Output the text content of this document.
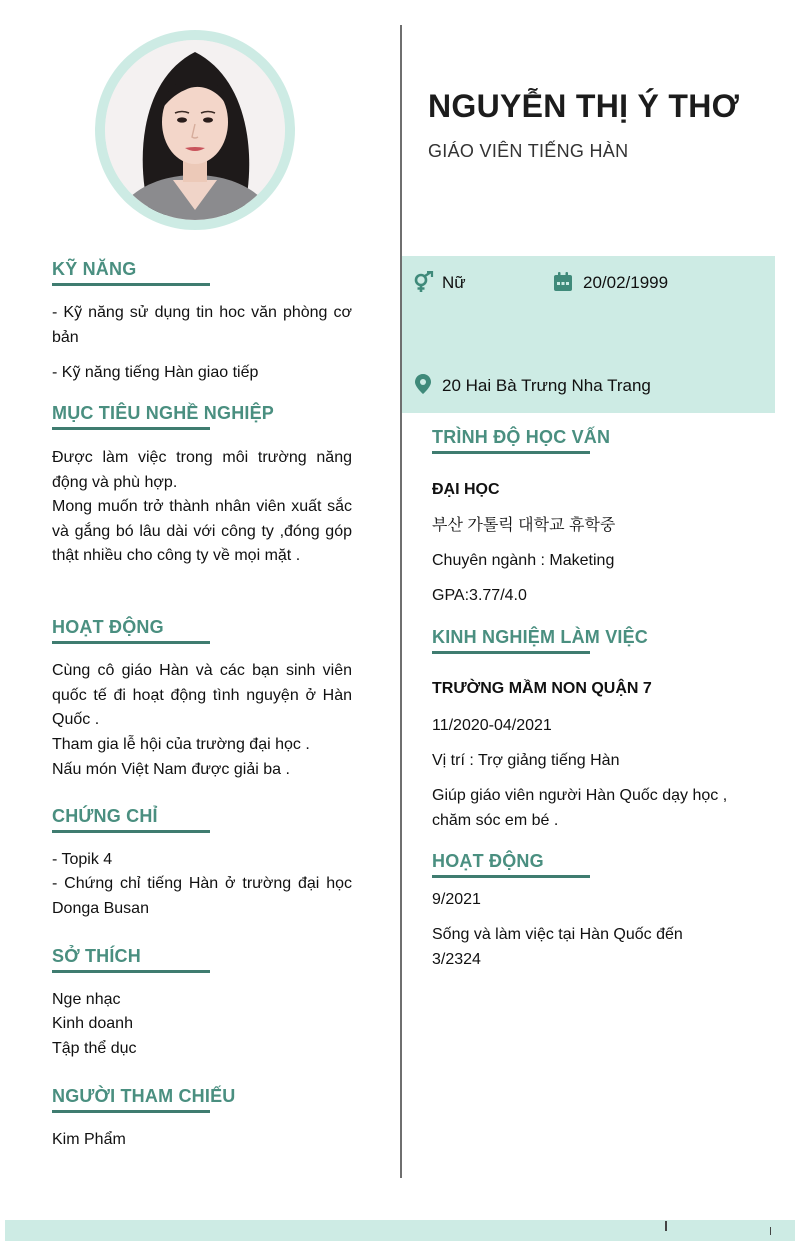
NGUYỄN THỊ Ý THƠ
GIÁO VIÊN TIẾNG HÀN
Nữ	20/02/1999
20 Hai Bà Trưng Nha Trang
KỸ NĂNG
- Kỹ năng sử dụng tin hoc văn phòng cơ bản
- Kỹ năng tiếng Hàn giao tiếp
MỤC TIÊU NGHỀ NGHIỆP
Được làm việc trong môi trường năng động và phù hợp.
Mong muốn trở thành nhân viên xuất sắc và gắng bó lâu dài với công ty ,đóng góp thật nhiều cho công ty về mọi mặt .
HOẠT ĐỘNG
Cùng cô giáo Hàn và các bạn sinh viên quốc tế đi hoạt động tình nguyện ở Hàn Quốc .
Tham gia lễ hội của trường đại học .
Nấu món Việt Nam được giải ba .
CHỨNG CHỈ
- Topik 4
- Chứng chỉ tiếng Hàn ở trường đại học Donga Busan
SỞ THÍCH
Nge nhạc
Kinh doanh
Tập thể dục
NGƯỜI THAM CHIẾU
Kim Phẩm
TRÌNH ĐỘ HỌC VẤN
ĐẠI HỌC
부산 가톨릭 대학교 휴학중
Chuyên ngành : Maketing
GPA:3.77/4.0
KINH NGHIỆM LÀM VIỆC
TRƯỜNG MẦM NON QUẬN 7
11/2020-04/2021
Vị trí : Trợ giảng tiếng Hàn
Giúp giáo viên người Hàn Quốc dạy học , chăm sóc em bé .
HOẠT ĐỘNG
9/2021
Sống và làm việc tại Hàn Quốc đến 3/2324
